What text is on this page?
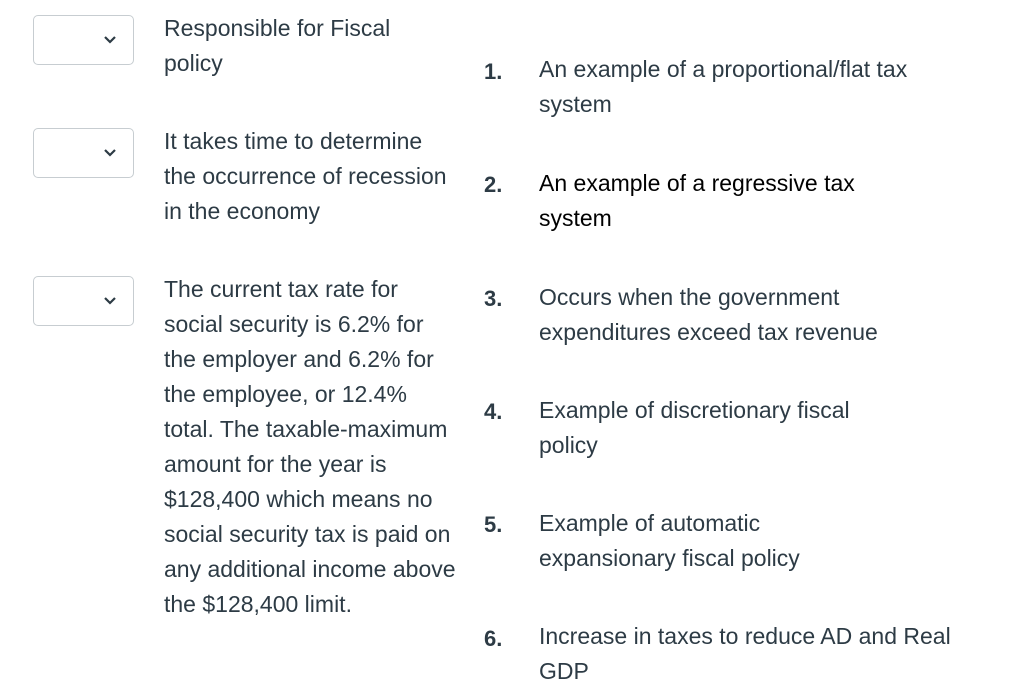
Responsible for Fiscal policy
It takes time to determine the occurrence of recession in the economy
The current tax rate for social security is 6.2% for the employer and 6.2% for the employee, or 12.4% total. The taxable-maximum amount for the year is $128,400 which means no social security tax is paid on any additional income above the $128,400 limit.
1. An example of a proportional/flat tax system
2. An example of a regressive tax system
3. Occurs when the government expenditures exceed tax revenue
4. Example of discretionary fiscal policy
5. Example of automatic expansionary fiscal policy
6. Increase in taxes to reduce AD and Real GDP
